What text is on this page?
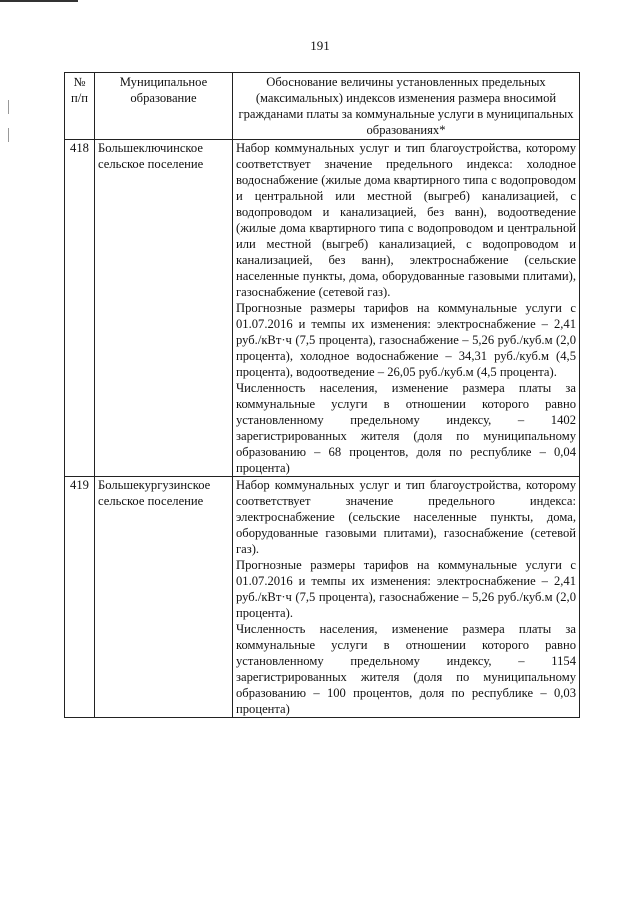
191
№ п/п	Муниципальное образование	Обоснование величины установленных предельных (максимальных) индексов изменения размера вносимой гражданами платы за коммунальные услуги в муниципальных образованиях*
418	Большеключинское сельское поселение	Набор коммунальных услуг и тип благоустройства, которому соответствует значение предельного индекса: холодное водоснабжение (жилые дома квартирного типа с водопроводом и центральной или местной (выгреб) канализацией, с водопроводом и канализацией, без ванн), водоотведение (жилые дома квартирного типа с водопроводом и центральной или местной (выгреб) канализацией, с водопроводом и канализацией, без ванн), электроснабжение (сельские населенные пункты, дома, оборудованные газовыми плитами), газоснабжение (сетевой газ).

Прогнозные размеры тарифов на коммунальные услуги с 01.07.2016 и темпы их изменения: электроснабжение – 2,41 руб./кВт·ч (7,5 процента), газоснабжение – 5,26 руб./куб.м (2,0 процента), холодное водоснабжение – 34,31 руб./куб.м (4,5 процента), водоотведение – 26,05 руб./куб.м (4,5 процента).

Численность населения, изменение размера платы за коммунальные услуги в отношении которого равно установленному предельному индексу, – 1402 зарегистрированных жителя (доля по муниципальному образованию – 68 процентов, доля по республике – 0,04 процента)

419	Большекургузинское сельское поселение	Набор коммунальных услуг и тип благоустройства, которому соответствует значение предельного индекса: электроснабжение (сельские населенные пункты, дома, оборудованные газовыми плитами), газоснабжение (сетевой газ).

Прогнозные размеры тарифов на коммунальные услуги с 01.07.2016 и темпы их изменения: электроснабжение – 2,41 руб./кВт·ч (7,5 процента), газоснабжение – 5,26 руб./куб.м (2,0 процента).

Численность населения, изменение размера платы за коммунальные услуги в отношении которого равно установленному предельному индексу, – 1154 зарегистрированных жителя (доля по муниципальному образованию – 100 процентов, доля по республике – 0,03 процента)
